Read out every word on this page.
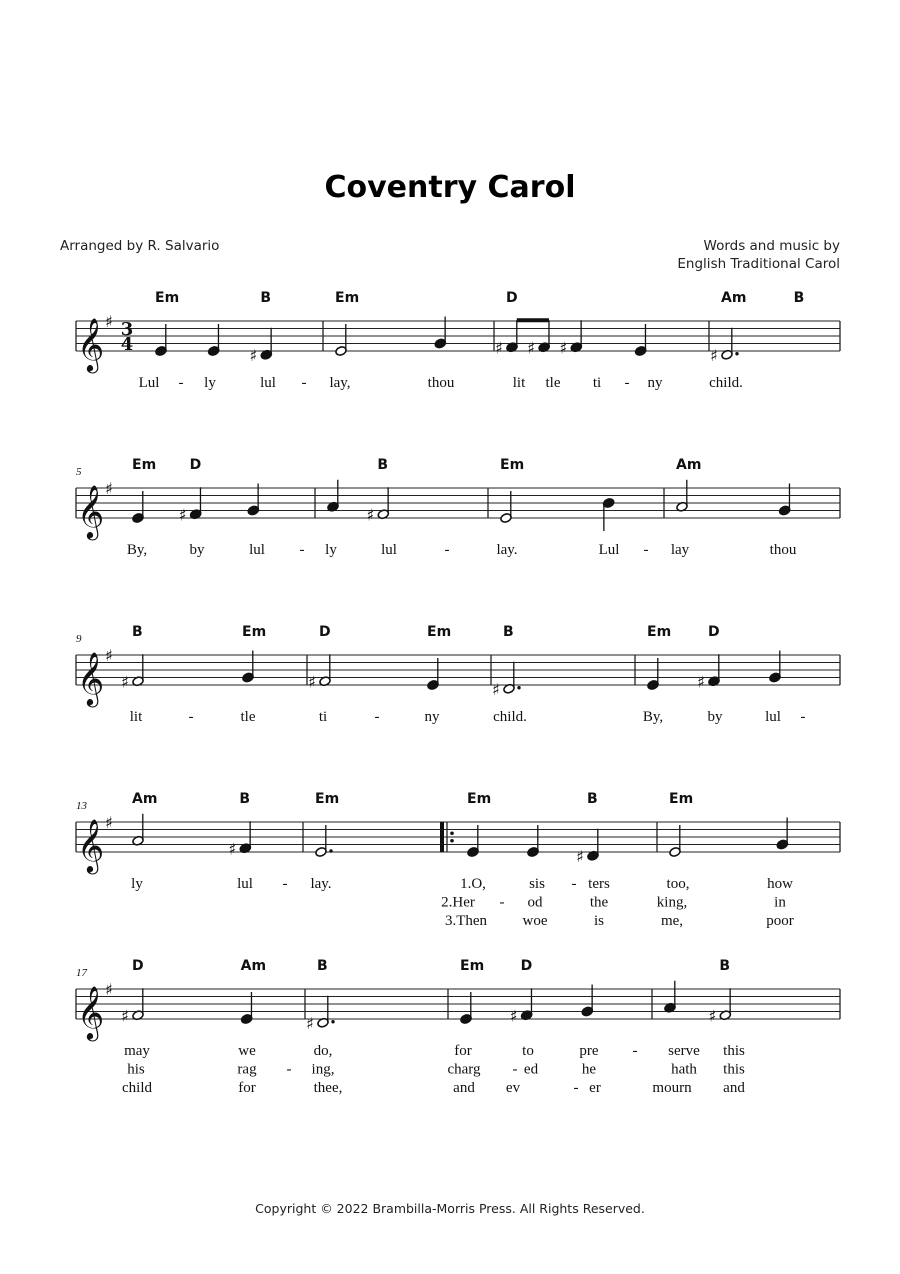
Coventry Carol
Arranged by R. Salvario	Words and music by
English Traditional Carol
Copyright © 2022 Brambilla-Morris Press. All Rights Reserved.
𝄞 ♯ 3
4
Em	B
♯
Em	D
♯ ♯ ♯
Am	B
♯
Lul - ly	lul - lay,	thou	lit tle ti - ny	child.
𝄞 ♯
5	Em D
♯
B
♯
Em	Am
By,	by	lul - ly	lul	-	lay.	Lul - lay	thou
𝄞 ♯
9	B	Em
♯
D	Em
♯
B
♯
Em	D
♯
lit	-	tle	ti	-	ny	child.	By,	by	lul -
𝄞 ♯
13	Am	B
♯
Em	Em	B
♯
Em
ly	lul - lay.	1.O,	sis - ters	too,	how
2.Her - od	the	king,	in
3.Then woe	is	me,	poor
𝄞 ♯
17	D	Am
♯
B
♯
Em	D
♯
B
♯
may	we	do,	for	to	pre - serve this
his	rag - ing,	charg - ed	he	hath this
child	for	thee,	and ev	- er	mourn and
